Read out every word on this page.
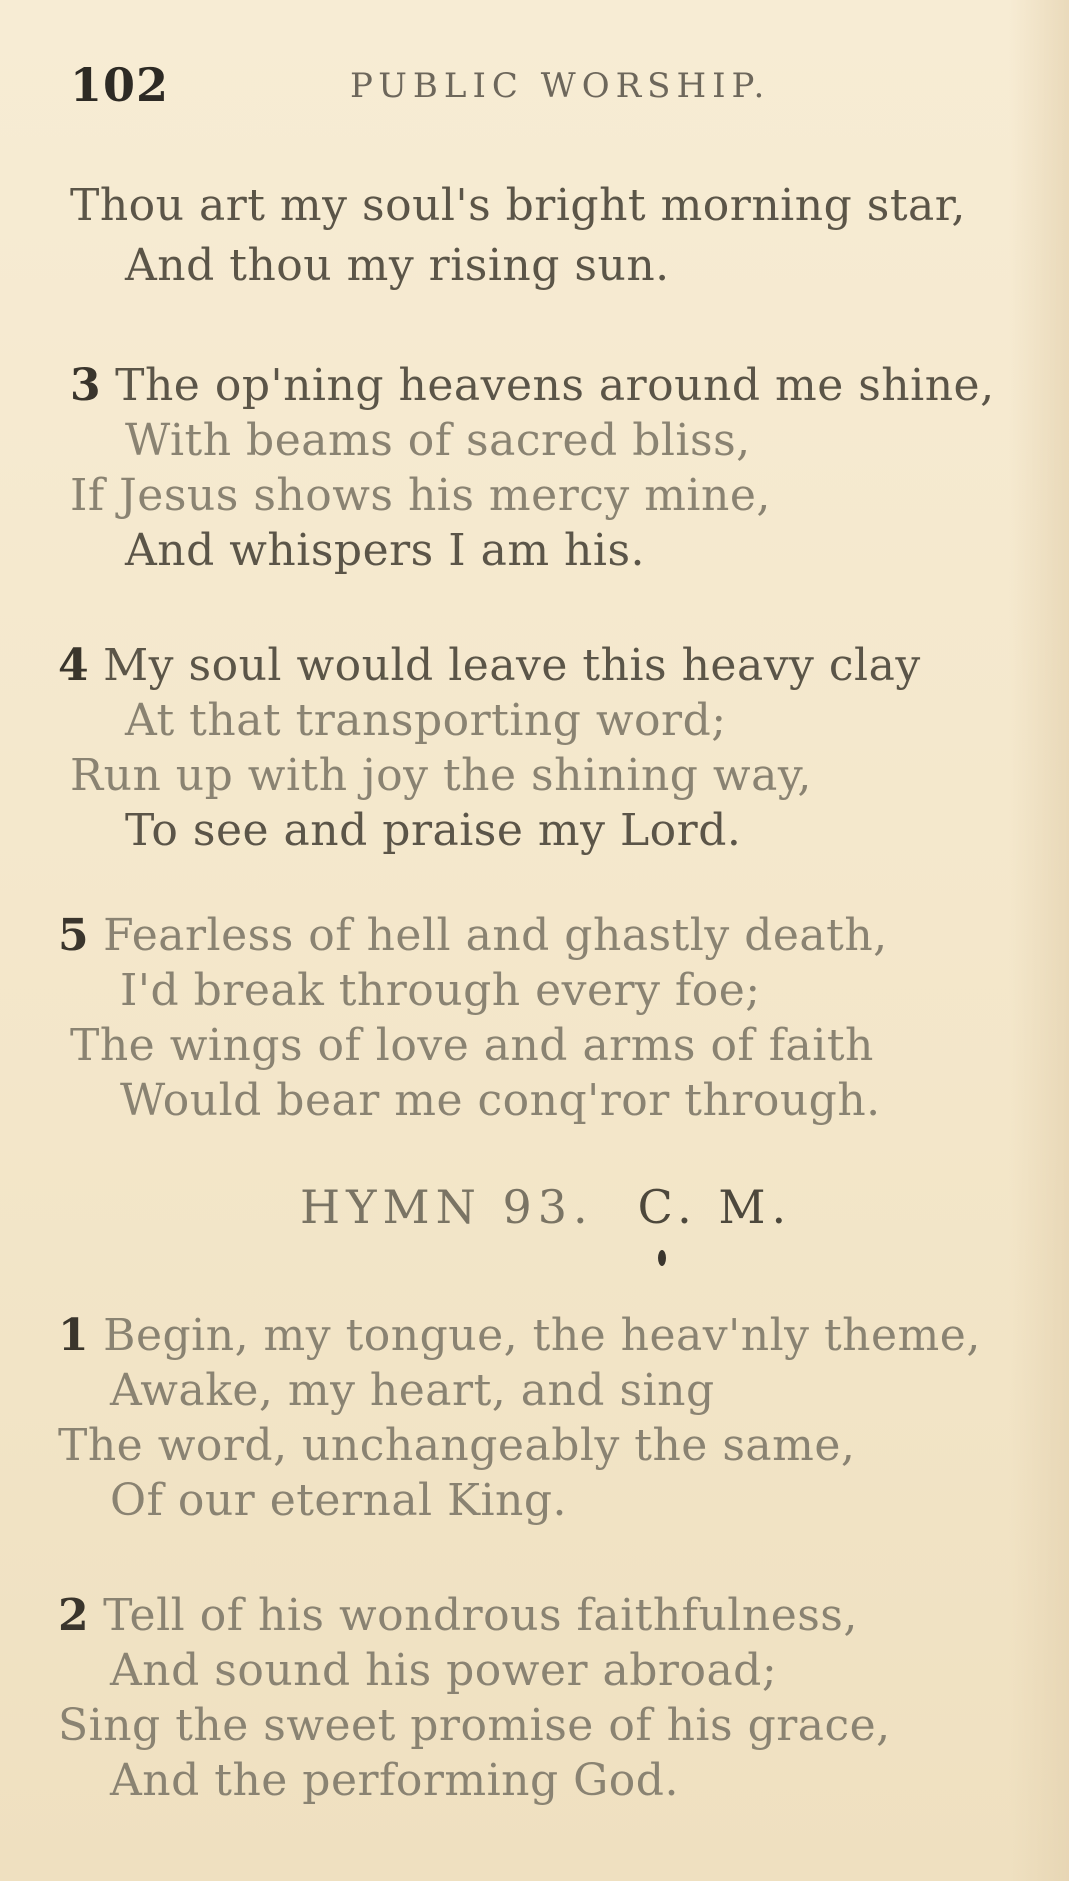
102	PUBLIC WORSHIP.
Thou art my soul's bright morning star,
And thou my rising sun.
3 The op'ning heavens around me shine,
With beams of sacred bliss,
If Jesus shows his mercy mine,
And whispers I am his.
4 My soul would leave this heavy clay
At that transporting word;
Run up with joy the shining way,
To see and praise my Lord.
5 Fearless of hell and ghastly death,
I'd break through every foe;
The wings of love and arms of faith
Would bear me conq'ror through.
HYMN 93. C. M.
1 Begin, my tongue, the heav'nly theme,
Awake, my heart, and sing
The word, unchangeably the same,
Of our eternal King.
2 Tell of his wondrous faithfulness,
And sound his power abroad;
Sing the sweet promise of his grace,
And the performing God.
